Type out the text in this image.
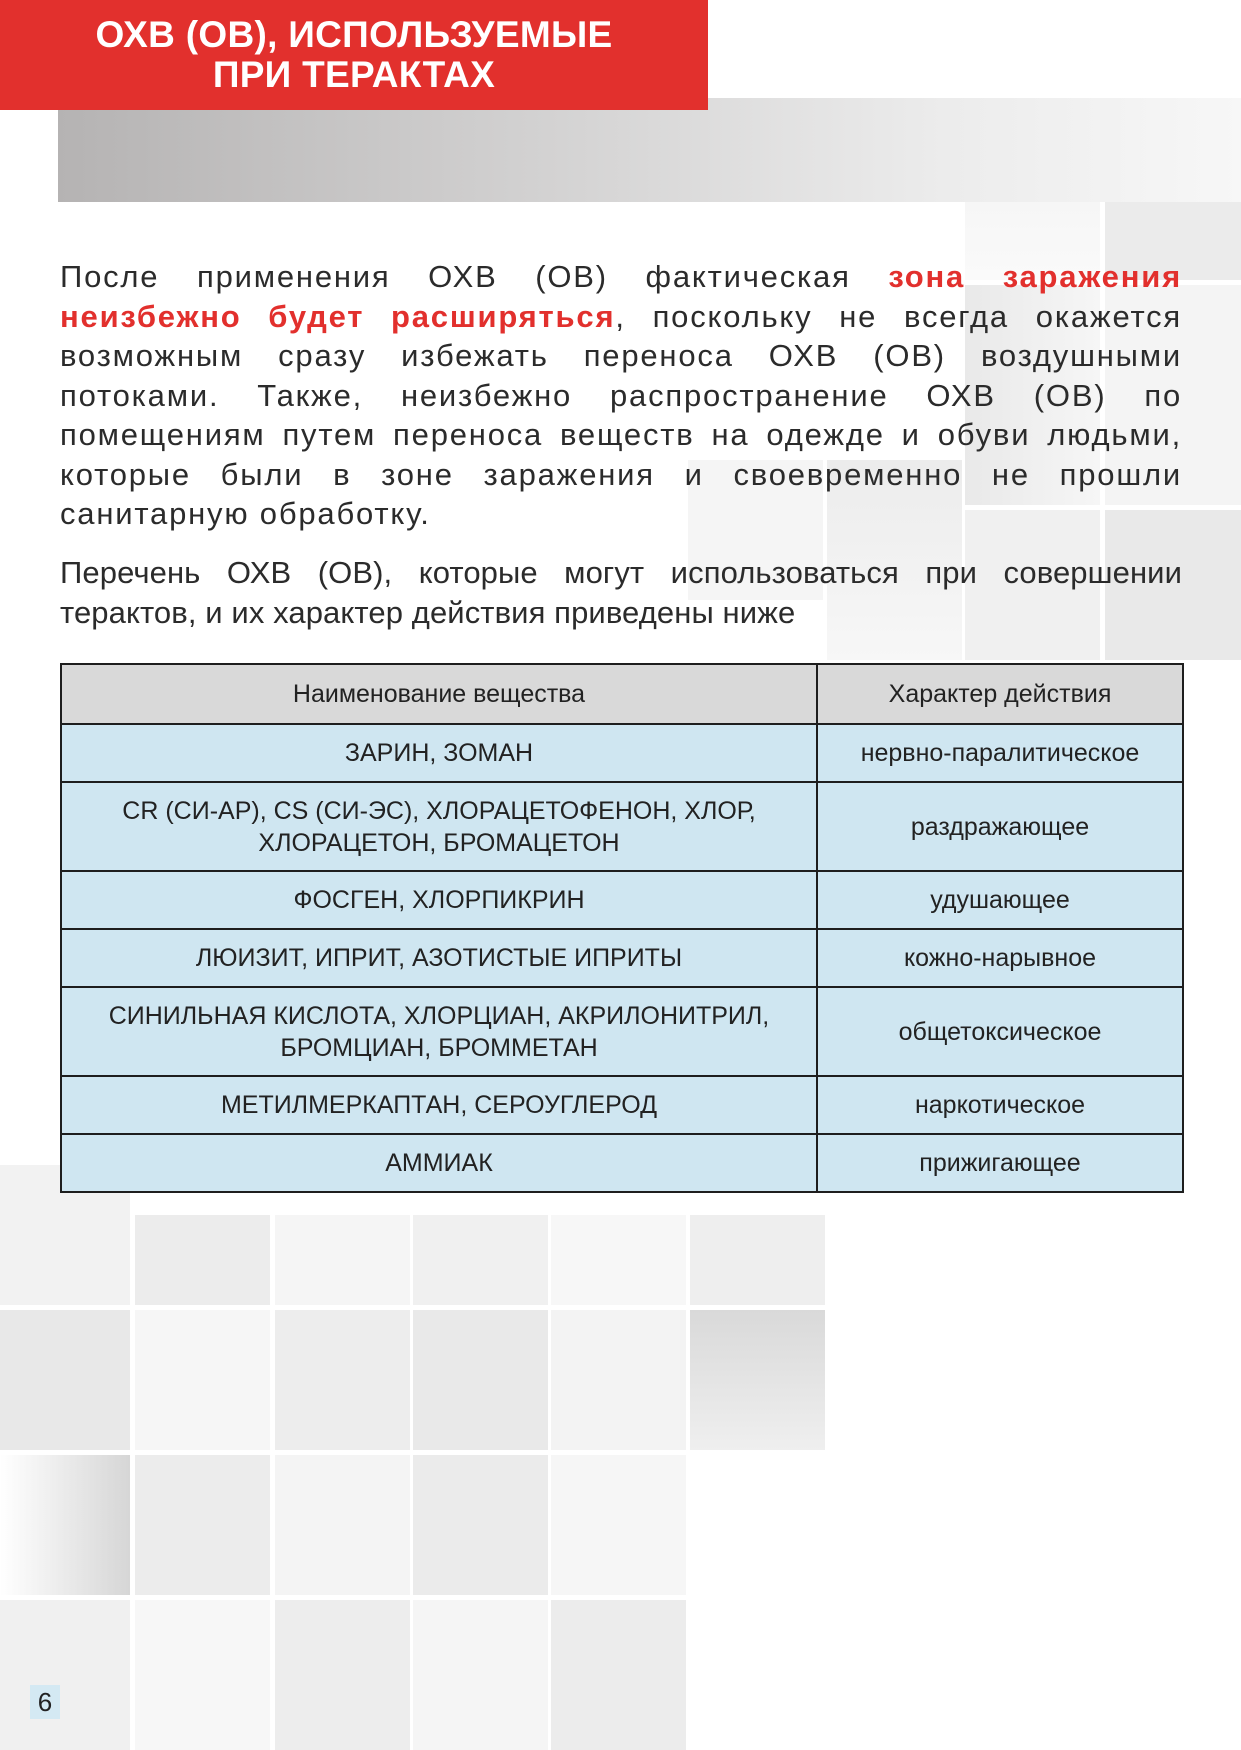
ОХВ (ОВ), ИСПОЛЬЗУЕМЫЕ
ПРИ ТЕРАКТАХ
После применения ОХВ (ОВ) фактическая зона заражения неизбежно будет расширяться, поскольку не всегда окажется возможным сразу избежать переноса ОХВ (ОВ) воздушными потоками. Также, неизбежно распространение ОХВ (ОВ) по помещениям путем переноса веществ на одежде и обуви людьми, которые были в зоне заражения и своевременно не прошли санитарную обработку.
Перечень ОХВ (ОВ), которые могут использоваться при совершении терактов, и их характер действия приведены ниже
Наименование вещества	Характер действия
ЗАРИН, ЗОМАН	нервно-паралитическое

CR (СИ-АР), CS (СИ-ЭС), ХЛОРАЦЕТОФЕНОН, ХЛОР,
ХЛОРАЦЕТОН, БРОМАЦЕТОН	раздражающее
ФОСГЕН, ХЛОРПИКРИН	удушающее
ЛЮИЗИТ, ИПРИТ, АЗОТИСТЫЕ ИПРИТЫ	кожно-нарывное

СИНИЛЬНАЯ КИСЛОТА, ХЛОРЦИАН, АКРИЛОНИТРИЛ,
БРОМЦИАН, БРОММЕТАН	общетоксическое
МЕТИЛМЕРКАПТАН, СЕРОУГЛЕРОД	наркотическое
АММИАК	прижигающее
6
